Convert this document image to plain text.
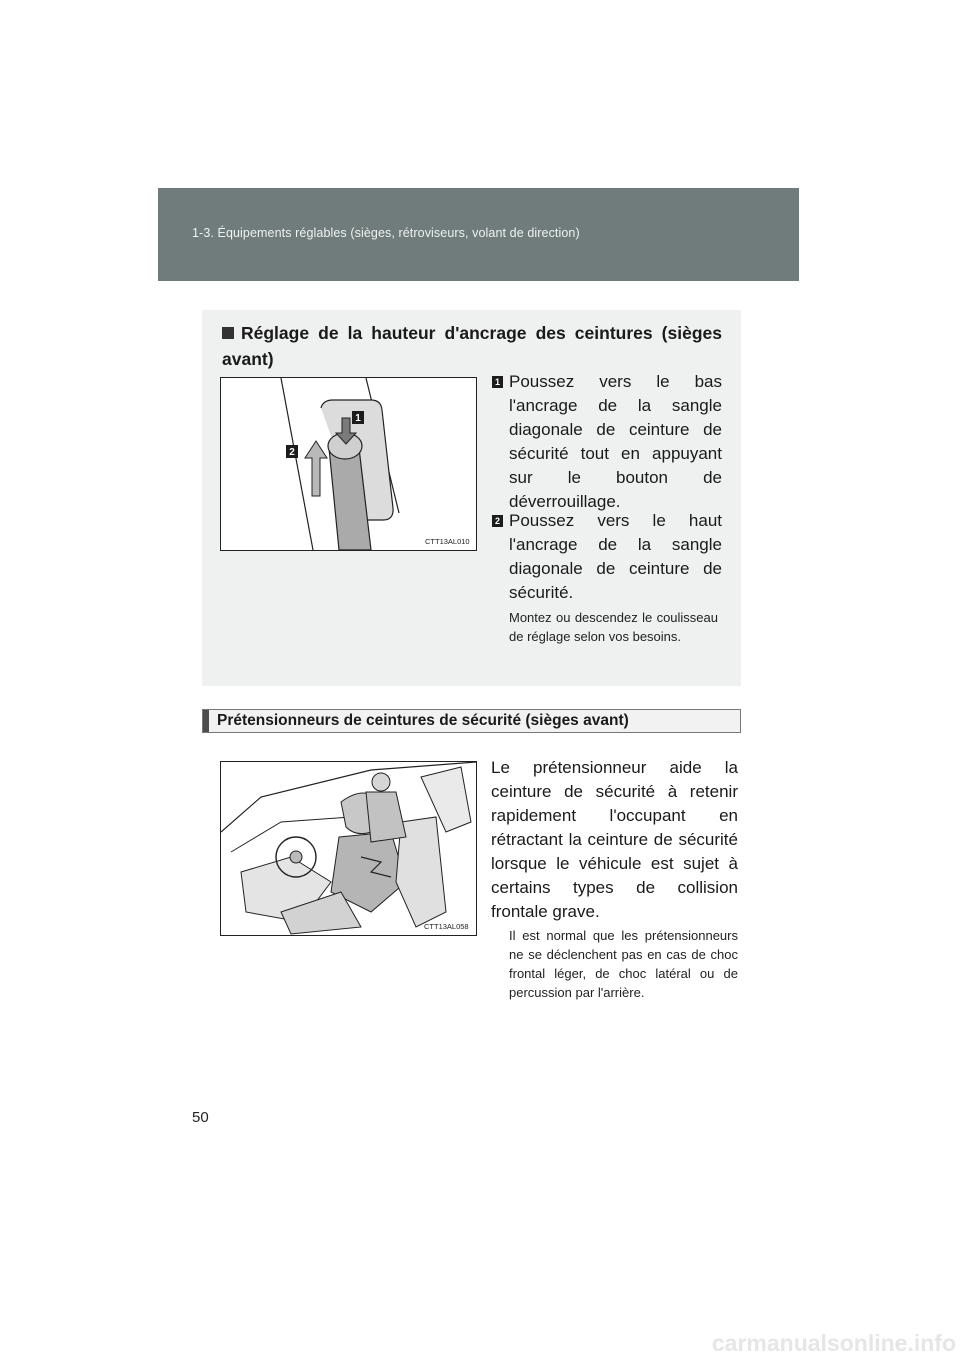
1-3. Équipements réglables (sièges, rétroviseurs, volant de direction)
Réglage de la hauteur d'ancrage des ceintures (sièges avant)
1
2
CTT13AL010
1 Poussez vers le bas l'ancrage de la sangle diagonale de ceinture de sécurité tout en appuyant sur le bouton de déverrouillage.
2 Poussez vers le haut l'ancrage de la sangle diagonale de ceinture de sécurité.
Montez ou descendez le coulisseau de réglage selon vos besoins.
Prétensionneurs de ceintures de sécurité (sièges avant)
CTT13AL058
Le prétensionneur aide la ceinture de sécurité à retenir rapidement l'occupant en rétractant la ceinture de sécurité lorsque le véhicule est sujet à certains types de collision frontale grave.
Il est normal que les prétensionneurs ne se déclenchent pas en cas de choc frontal léger, de choc latéral ou de percussion par l'arrière.
50
carmanualsonline.info
